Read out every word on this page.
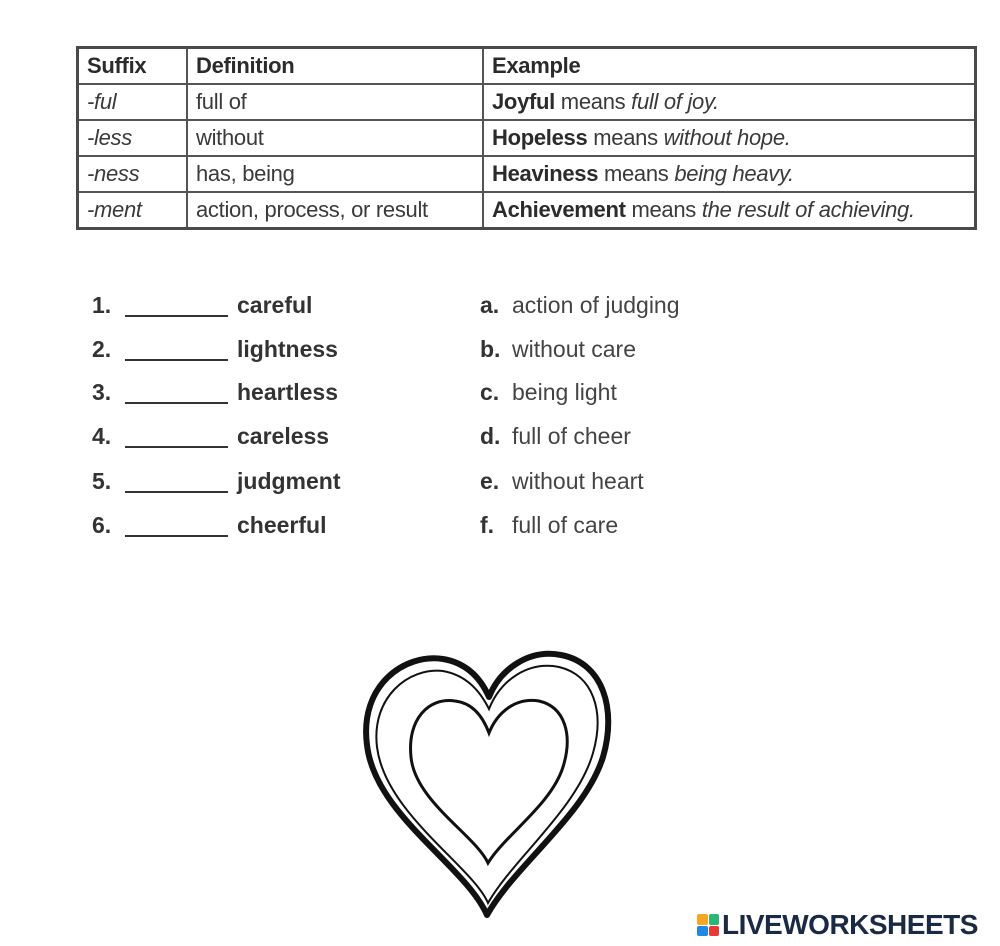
Suffix	Definition	Example
-ful	full of	Joyful means full of joy.
-less	without	Hopeless means without hope.
-ness	has, being	Heaviness means being heavy.
-ment	action, process, or result	Achievement means the result of achieving.
1.	careful	a. action of judging
2.	lightness	b. without care
3.	heartless	c. being light
4.	careless	d. full of cheer
5.	judgment	e. without heart
6.	cheerful	f. full of care
LIVEWORKSHEETS
